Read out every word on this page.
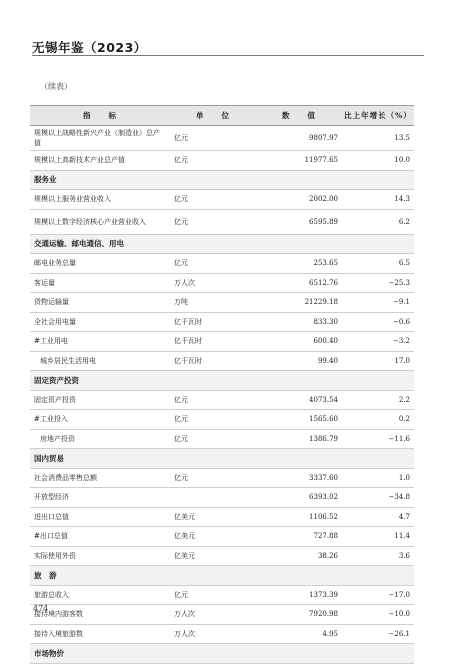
无锡年鉴（2023）
（续表）
指　　标	单　　位	数　　值	比上年增长（%）
规模以上战略性新兴产业（制造业）总产值	亿元	9807.97	13.5
规模以上高新技术产业总产值	亿元	11977.65	10.0
服务业			
规模以上服务业营业收入	亿元	2002.00	14.3
规模以上数字经济核心产业营业收入	亿元	6595.89	6.2
交通运输、邮电通信、用电			
邮电业务总量	亿元	253.65	6.5
客运量	万人次	6512.76	−25.3
货物运输量	万吨	21229.18	−9.1
全社会用电量	亿千瓦时	833.30	−0.6
#工业用电	亿千瓦时	600.40	−3.2
城乡居民生活用电	亿千瓦时	99.40	17.0
固定资产投资			
固定资产投资	亿元	4073.54	2.2
#工业投入	亿元	1565.60	0.2
房地产投资	亿元	1386.79	−11.6
国内贸易			
社会消费品零售总额	亿元	3337.60	1.0
开放型经济		6393.02	−34.8
进出口总值	亿美元	1106.52	4.7
#出口总值	亿美元	727.88	11.4
实际使用外资	亿美元	38.26	3.6
旅　游			
旅游总收入	亿元	1373.39	−17.0
接待境内游客数	万人次	7920.98	−10.0
接待入境旅游数	万人次	4.95	−26.1
市场物价			
474
